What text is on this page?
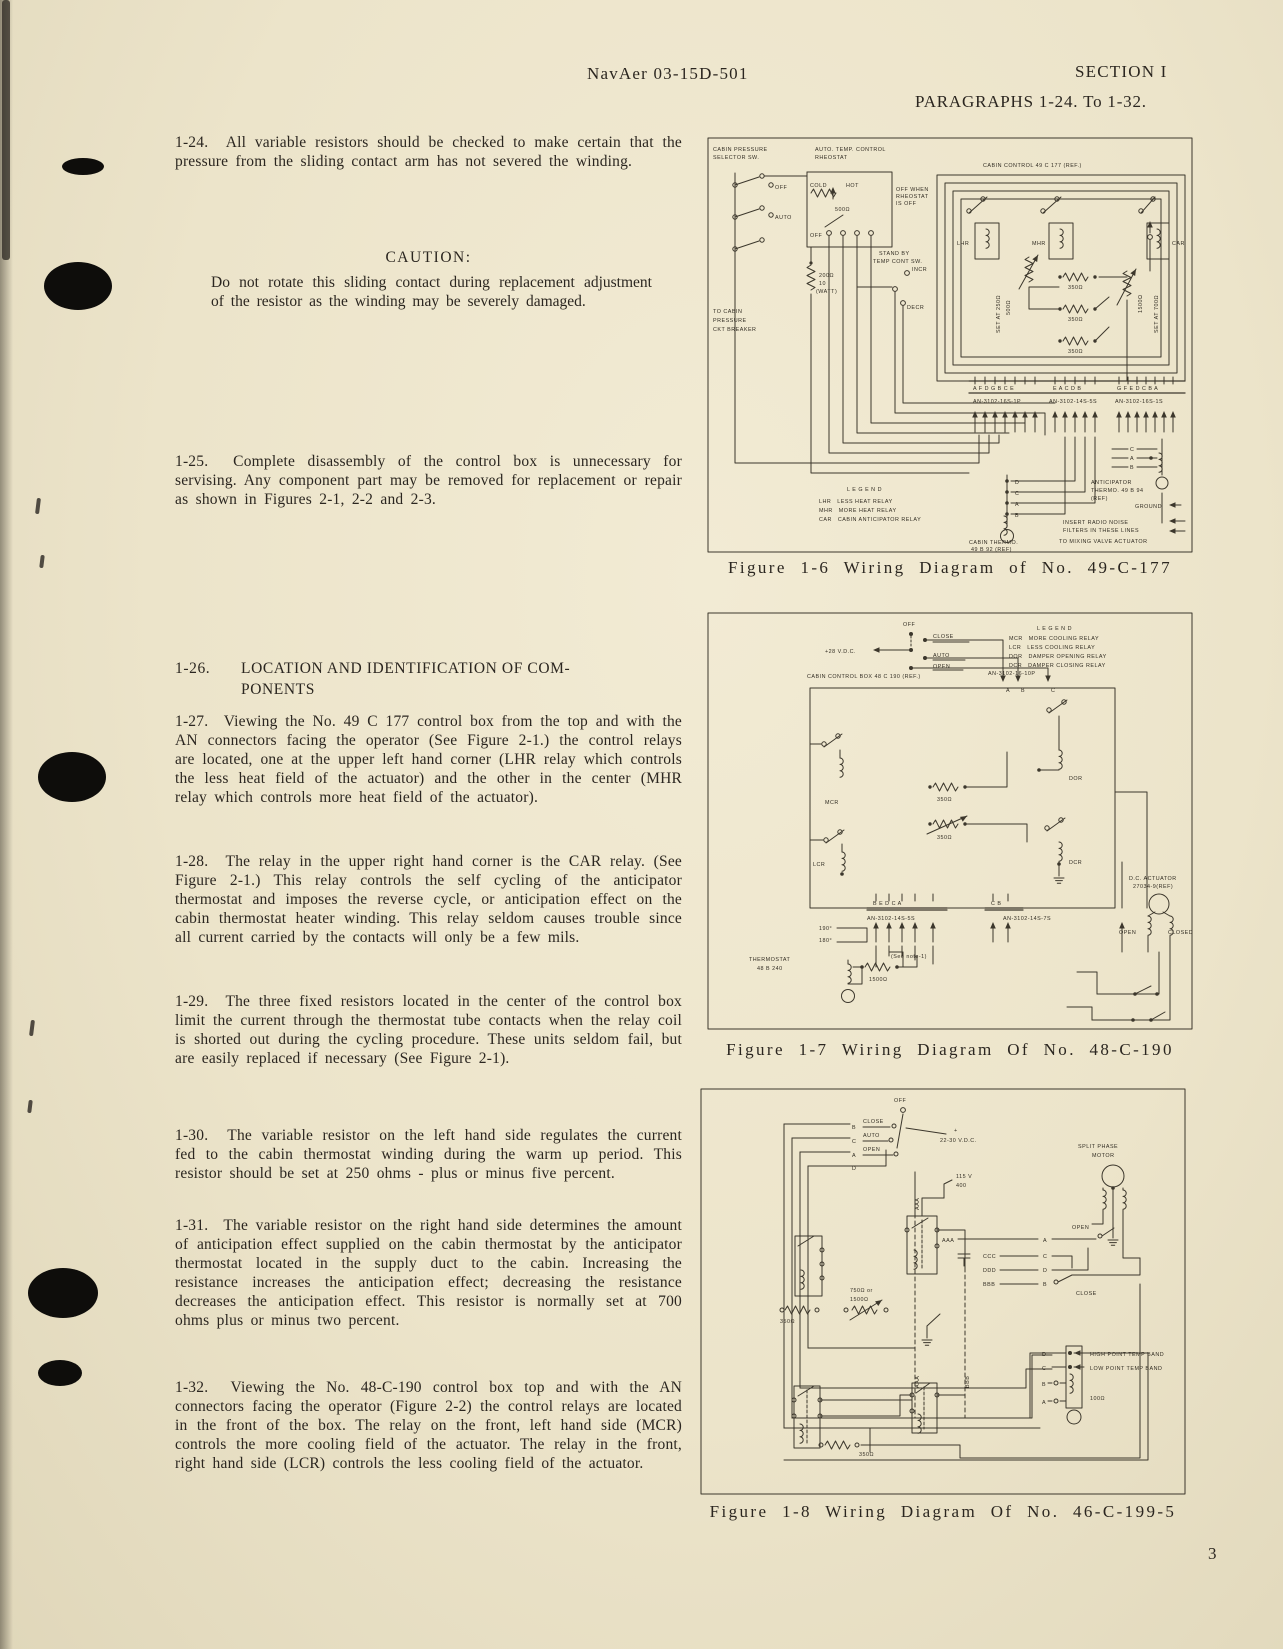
NavAer 03-15D-501	SECTION I
PARAGRAPHS 1-24. To 1-32.
1-24.  All variable resistors should be checked to make certain that the pressure from the sliding contact arm has not severed the winding.
CAUTION:
Do not rotate this sliding contact during replacement adjustment of the resistor as the winding may be severely damaged.
1-25.  Complete disassembly of the control box is unnecessary for servising. Any component part may be removed for replacement or repair as shown in Figures 2-1, 2-2 and 2-3.
1-26. LOCATION AND IDENTIFICATION OF COM-
PONENTS
1-27.  Viewing the No. 49 C 177 control box from the top and with the AN connectors facing the operator (See Figure 2-1.) the control relays are located, one at the upper left hand corner (LHR relay which controls the less heat field of the actuator) and the other in the center (MHR relay which controls more heat field of the actuator).
1-28.  The relay in the upper right hand corner is the CAR relay. (See Figure 2-1.) This relay controls the self cycling of the anticipator thermostat and imposes the reverse cycle, or anticipation effect on the cabin thermostat heater winding. This relay seldom causes trouble since all current carried by the contacts will only be a few mils.
1-29.  The three fixed resistors located in the center of the control box limit the current through the thermostat tube contacts when the relay coil is shorted out during the cycling procedure. These units seldom fail, but are easily replaced if necessary (See Figure 2-1).
1-30.  The variable resistor on the left hand side regulates the current fed to the cabin thermostat winding during the warm up period. This resistor should be set at 250 ohms - plus or minus five percent.
1-31.  The variable resistor on the right hand side determines the amount of anticipation effect supplied on the cabin thermostat by the anticipator thermostat located in the supply duct to the cabin. Increasing the resistance increases the anticipation effect; decreasing the resistance decreases the anticipation effect. This resistor is normally set at 700 ohms plus or minus two percent.
1-32.  Viewing the No. 48-C-190 control box top and with the AN connectors facing the operator (Figure 2-2) the control relays are located in the front of the box. The relay on the front, left hand side (MCR) controls the more cooling field of the actuator. The relay in the front, right hand side (LCR) controls the less cooling field of the actuator.
CABIN PRESSURE
SELECTOR SW.
AUTO. TEMP. CONTROL
RHEOSTAT
CABIN CONTROL 49 C 177 (REF.)
COLD	HOT
500Ω
OFF
OFF
AUTO
OFF WHEN
RHEOSTAT
IS OFF
TO CABIN
PRESSURE
CKT BREAKER
200Ω
10
(WATT)
STAND BY
TEMP CONT SW.
INCR
DECR
LHR	MHR	CAR
350Ω
350Ω
350Ω
SET AT 250Ω 500Ω	1500Ω SET AT 700Ω
A F D G B C E
AN-3102-16S-1P
E A C D B
AN-3102-14S-5S
G F E D C B A
AN-3102-16S-1S
L E G E N D
LHR   LESS HEAT RELAY
MHR   MORE HEAT RELAY
CAR   CABIN ANTICIPATOR RELAY
D
C
A
B
CABIN THERMO.
49 B 92 (REF)
ANTICIPATOR
THERMO. 49 B 94
(REF)
C
A
B
GROUND
INSERT RADIO NOISE
FILTERS IN THESE LINES
TO MIXING VALVE ACTUATOR
Figure 1-6 Wiring Diagram of No. 49-C-177
OFF
CLOSE
AUTO
OPEN
+28 V.D.C.
L E G E N D
MCR   MORE COOLING RELAY
LCR   LESS COOLING RELAY
DOR   DAMPER OPENING RELAY
DCR   DAMPER CLOSING RELAY
CABIN CONTROL BOX 48 C 190 (REF.)	AN-3102-16-10P
A B	C
MCR
LCR
DOR
DCR
350Ω
350Ω
B E D C A	C B
AN-3102-14S-5S	AN-3102-14S-7S
190°
180°
THERMOSTAT
48 B 240
(See note-1)
1500Ω
D.C. ACTUATOR
27034-9(REF)
OPEN	CLOSED
Figure 1-7 Wiring Diagram Of No. 48-C-190
OFF
CLOSE
AUTO
OPEN
B
C
A
D
+
22-30 V.D.C.
115 V
400
SPLIT PHASE
MOTOR
AAA
AAA	BBB
AAA
CCC
DDD
BBB
A
C
D
B
OPEN
CLOSE
750Ω or
1500Ω
350Ω
350Ω
HIGH POINT TEMP BAND
LOW POINT TEMP BAND
100Ω
D
C
B
A
Figure 1-8 Wiring Diagram Of No. 46-C-199-5
3
